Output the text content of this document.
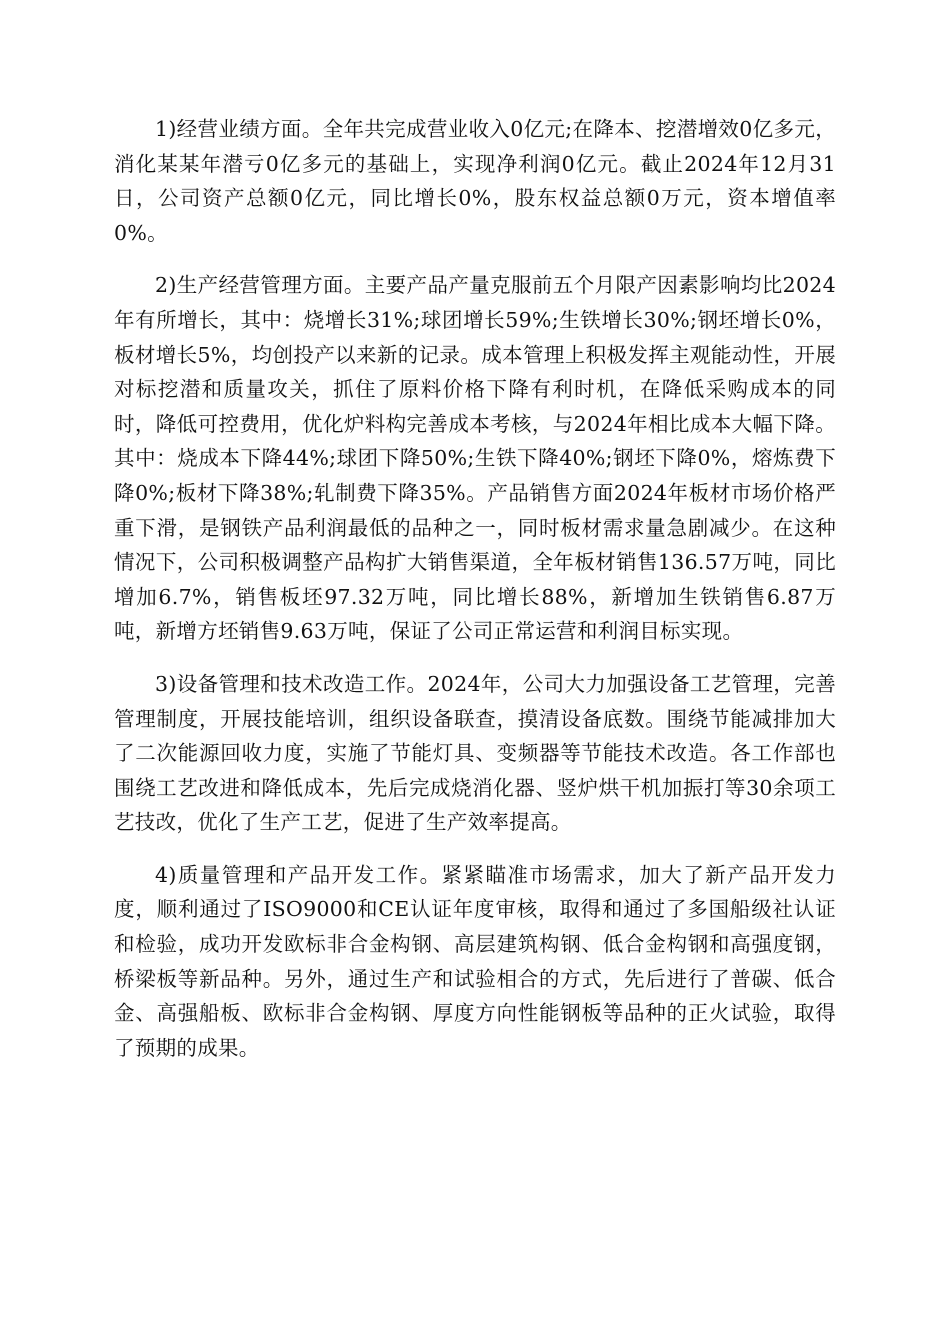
1)经营业绩方面。全年共完成营业收入0亿元;在降本、挖潜增效0亿多元，消化某某年潜亏0亿多元的基础上，实现净利润0亿元。截止2024年12月31日，公司资产总额0亿元，同比增长0%，股东权益总额0万元，资本增值率0%。

2)生产经营管理方面。主要产品产量克服前五个月限产因素影响均比2024年有所增长，其中：烧增长31%;球团增长59%;生铁增长30%;钢坯增长0%，板材增长5%，均创投产以来新的记录。成本管理上积极发挥主观能动性，开展对标挖潜和质量攻关，抓住了原料价格下降有利时机，在降低采购成本的同时，降低可控费用，优化炉料构完善成本考核，与2024年相比成本大幅下降。其中：烧成本下降44%;球团下降50%;生铁下降40%;钢坯下降0%，熔炼费下降0%;板材下降38%;轧制费下降35%。产品销售方面2024年板材市场价格严重下滑，是钢铁产品利润最低的品种之一，同时板材需求量急剧减少。在这种情况下，公司积极调整产品构扩大销售渠道，全年板材销售136.57万吨，同比增加6.7%，销售板坯97.32万吨，同比增长88%，新增加生铁销售6.87万吨，新增方坯销售9.63万吨，保证了公司正常运营和利润目标实现。

3)设备管理和技术改造工作。2024年，公司大力加强设备工艺管理，完善管理制度，开展技能培训，组织设备联查，摸清设备底数。围绕节能减排加大了二次能源回收力度，实施了节能灯具、变频器等节能技术改造。各工作部也围绕工艺改进和降低成本，先后完成烧消化器、竖炉烘干机加振打等30余项工艺技改，优化了生产工艺，促进了生产效率提高。

4)质量管理和产品开发工作。紧紧瞄准市场需求，加大了新产品开发力度，顺利通过了ISO9000和CE认证年度审核，取得和通过了多国船级社认证和检验，成功开发欧标非合金构钢、高层建筑构钢、低合金构钢和高强度钢，桥梁板等新品种。另外，通过生产和试验相合的方式，先后进行了普碳、低合金、高强船板、欧标非合金构钢、厚度方向性能钢板等品种的正火试验，取得了预期的成果。
